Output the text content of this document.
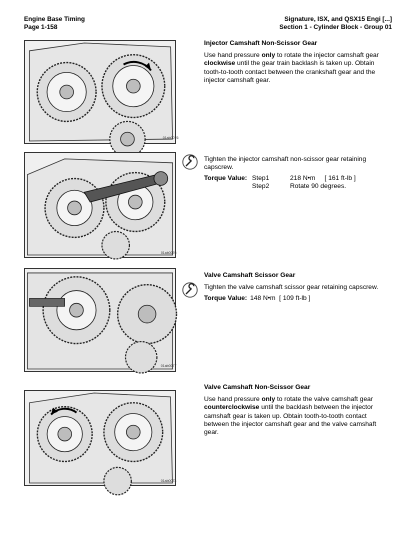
Engine Base Timing
Page 1-158
Signature, ISX, and QSX15 Engi [...]
Section 1 - Cylinder Block - Group 01
01ab0076
Injector Camshaft Non-Scissor Gear

Use hand pressure only to rotate the injector camshaft gear clockwise until the gear train backlash is taken up. Obtain tooth-to-tooth contact between the crankshaft gear and the injector camshaft gear.

01ab0076

Tighten the injector camshaft non-scissor gear retaining capscrew.

Torque Value: Step1
Step2
218 N•m     [ 161 ft-lb ]
Rotate 90 degrees.
01ab0077
Valve Camshaft Scissor Gear

Tighten the valve camshaft scissor gear retaining capscrew.

Torque Value: 148 N•m  [ 109 ft-lb ]
01ab0073
Valve Camshaft Non-Scissor Gear

Use hand pressure only to rotate the valve camshaft gear counterclockwise until the backlash between the injector camshaft gear is taken up. Obtain tooth-to-tooth contact between the injector camshaft gear and the valve camshaft gear.
